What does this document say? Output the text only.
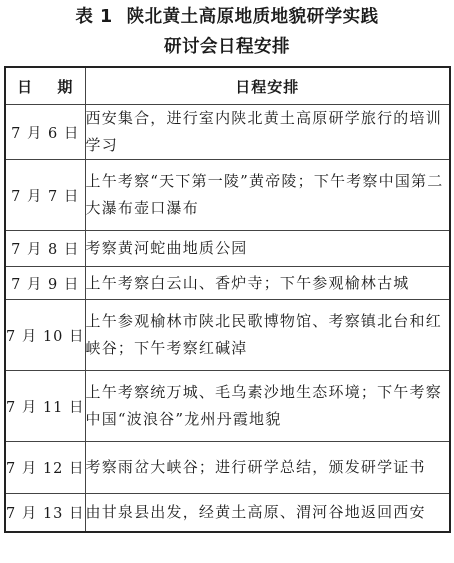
表 1 陕北黄土高原地质地貌研学实践
研讨会日程安排
日 期	日程安排
7 月 6 日	西安集合，进行室内陕北黄土高原研学旅行的培训学习
7 月 7 日	上午考察“天下第一陵”黄帝陵；下午考察中国第二大瀑布壶口瀑布
7 月 8 日	考察黄河蛇曲地质公园
7 月 9 日	上午考察白云山、香炉寺；下午参观榆林古城
7 月 10 日	上午参观榆林市陕北民歌博物馆、考察镇北台和红峡谷；下午考察红碱淖
7 月 11 日	上午考察统万城、毛乌素沙地生态环境；下午考察中国“波浪谷”龙州丹霞地貌
7 月 12 日	考察雨岔大峡谷；进行研学总结，颁发研学证书
7 月 13 日	由甘泉县出发，经黄土高原、渭河谷地返回西安
